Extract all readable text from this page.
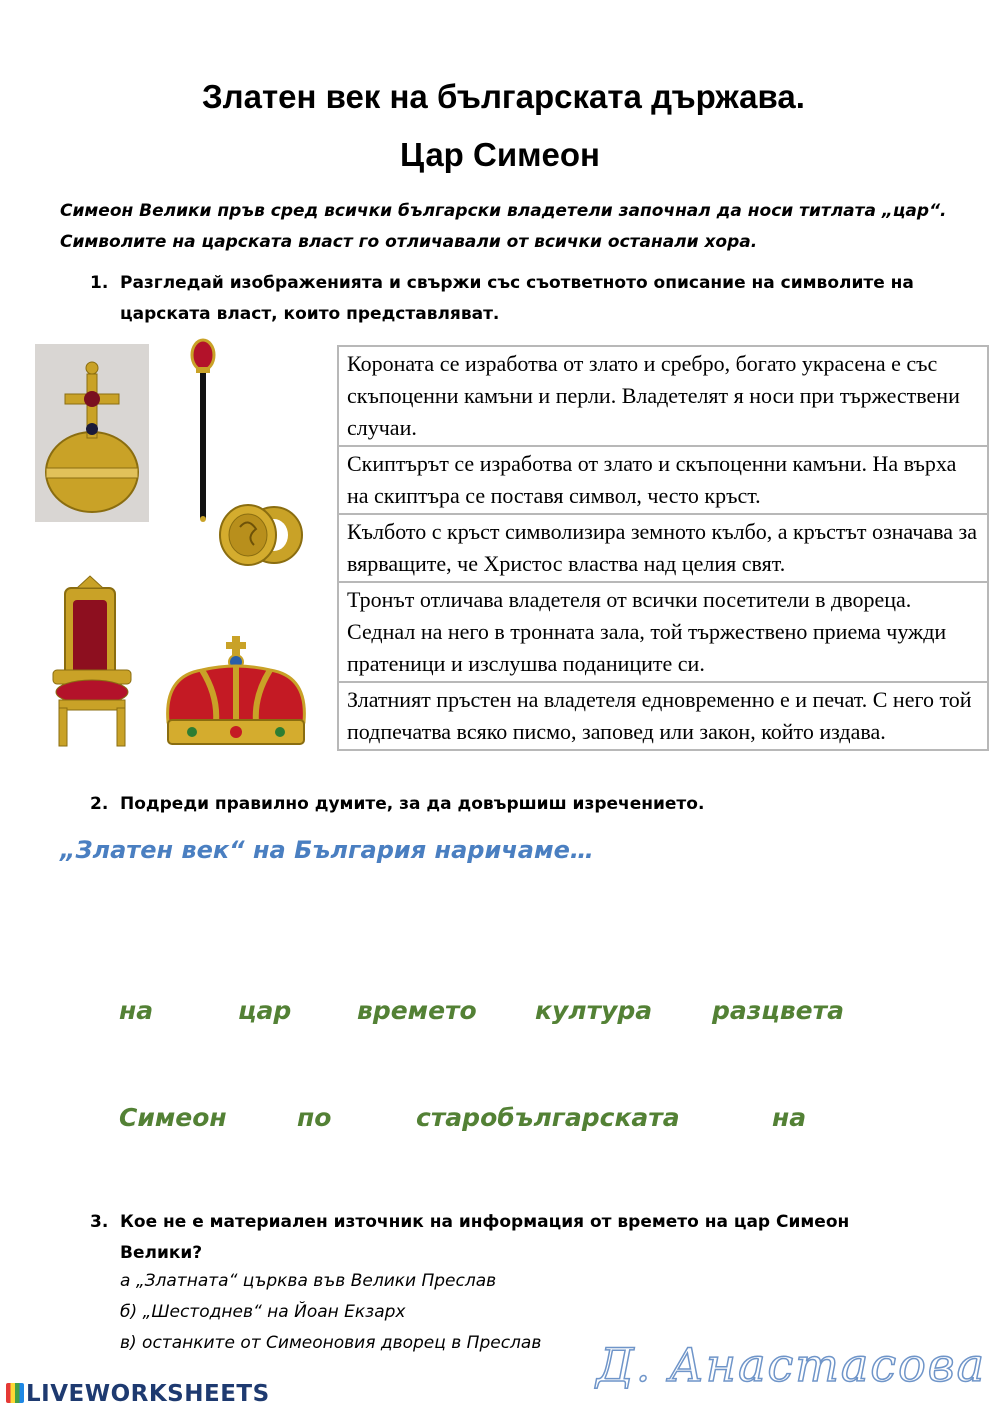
Златен век на българската държава.
Цар Симеон
Симеон Велики пръв сред всички български владетели започнал да носи титлата „цар“. Символите на царската власт го отличавали от всички останали хора.
1. Разгледай изображенията и свържи със съответното описание на символите на царската власт, които представляват.
Короната се изработва от злато и сребро, богато украсена е със скъпоценни камъни и перли. Владетелят я носи при тържествени случаи.
Скиптърът се изработва от злато и скъпоценни камъни. На върха на скиптъра се поставя символ, често кръст.
Кълбото с кръст символизира земното кълбо, а кръстът означава за вярващите, че Христос властва над целия свят.
Тронът отличава владетеля от всички посетители в двореца. Седнал на него в тронната зала, той тържествено приема чужди пратеници и изслушва поданиците си.
Златният пръстен на владетеля едновременно е и печат. С него той подпечатва всяко писмо, заповед или закон, който издава.
2. Подреди правилно думите, за да довършиш изречението.
„Златен век“ на България наричаме…
на	цар	времето култура разцвета
Симеон	по	старобългарската	на
3. Кое не е материален източник на информация от времето на цар Симеон Велики?
а „Златната“ църква във Велики Преслав
б) „Шестоднев“ на Йоан Екзарх
в) останките от Симеоновия дворец в Преслав Д. Анастасова
LIVEWORKSHEETS
